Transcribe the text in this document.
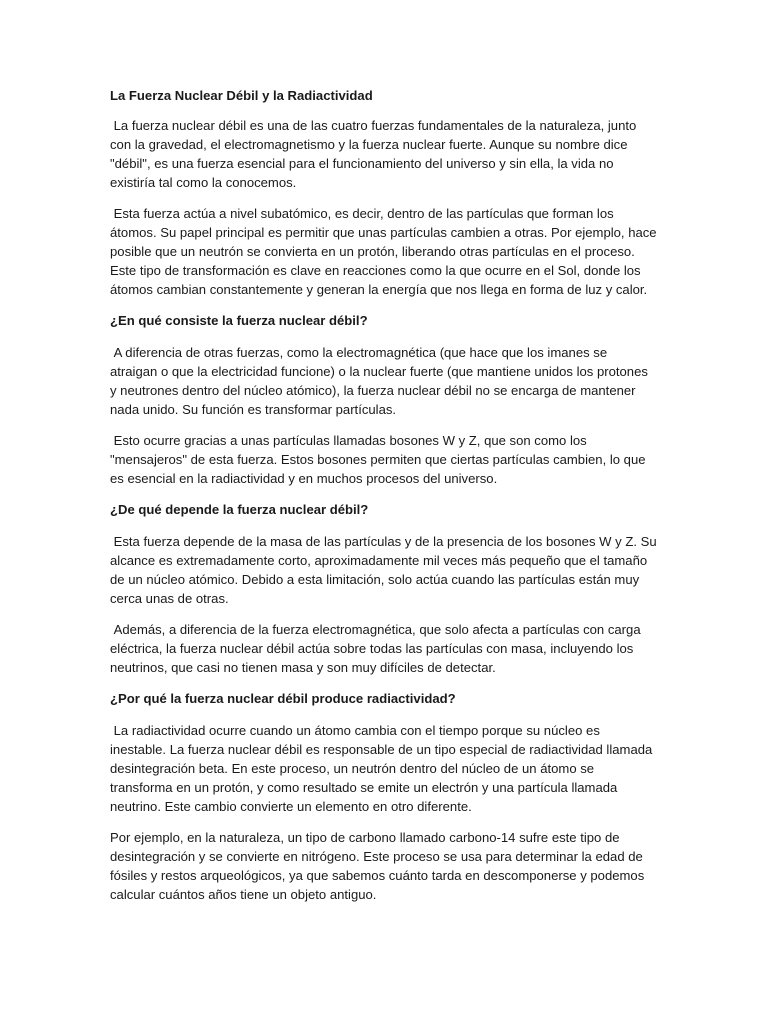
La Fuerza Nuclear Débil y la Radiactividad

La fuerza nuclear débil es una de las cuatro fuerzas fundamentales de la naturaleza, junto con la gravedad, el electromagnetismo y la fuerza nuclear fuerte. Aunque su nombre dice "débil", es una fuerza esencial para el funcionamiento del universo y sin ella, la vida no existiría tal como la conocemos.

Esta fuerza actúa a nivel subatómico, es decir, dentro de las partículas que forman los átomos. Su papel principal es permitir que unas partículas cambien a otras. Por ejemplo, hace posible que un neutrón se convierta en un protón, liberando otras partículas en el proceso. Este tipo de transformación es clave en reacciones como la que ocurre en el Sol, donde los átomos cambian constantemente y generan la energía que nos llega en forma de luz y calor.

¿En qué consiste la fuerza nuclear débil?

A diferencia de otras fuerzas, como la electromagnética (que hace que los imanes se atraigan o que la electricidad funcione) o la nuclear fuerte (que mantiene unidos los protones y neutrones dentro del núcleo atómico), la fuerza nuclear débil no se encarga de mantener nada unido. Su función es transformar partículas.

Esto ocurre gracias a unas partículas llamadas bosones W y Z, que son como los "mensajeros" de esta fuerza. Estos bosones permiten que ciertas partículas cambien, lo que es esencial en la radiactividad y en muchos procesos del universo.

¿De qué depende la fuerza nuclear débil?

Esta fuerza depende de la masa de las partículas y de la presencia de los bosones W y Z. Su alcance es extremadamente corto, aproximadamente mil veces más pequeño que el tamaño de un núcleo atómico. Debido a esta limitación, solo actúa cuando las partículas están muy cerca unas de otras.

Además, a diferencia de la fuerza electromagnética, que solo afecta a partículas con carga eléctrica, la fuerza nuclear débil actúa sobre todas las partículas con masa, incluyendo los neutrinos, que casi no tienen masa y son muy difíciles de detectar.

¿Por qué la fuerza nuclear débil produce radiactividad?

La radiactividad ocurre cuando un átomo cambia con el tiempo porque su núcleo es inestable. La fuerza nuclear débil es responsable de un tipo especial de radiactividad llamada desintegración beta. En este proceso, un neutrón dentro del núcleo de un átomo se transforma en un protón, y como resultado se emite un electrón y una partícula llamada neutrino. Este cambio convierte un elemento en otro diferente.

Por ejemplo, en la naturaleza, un tipo de carbono llamado carbono-14 sufre este tipo de desintegración y se convierte en nitrógeno. Este proceso se usa para determinar la edad de fósiles y restos arqueológicos, ya que sabemos cuánto tarda en descomponerse y podemos calcular cuántos años tiene un objeto antiguo.
